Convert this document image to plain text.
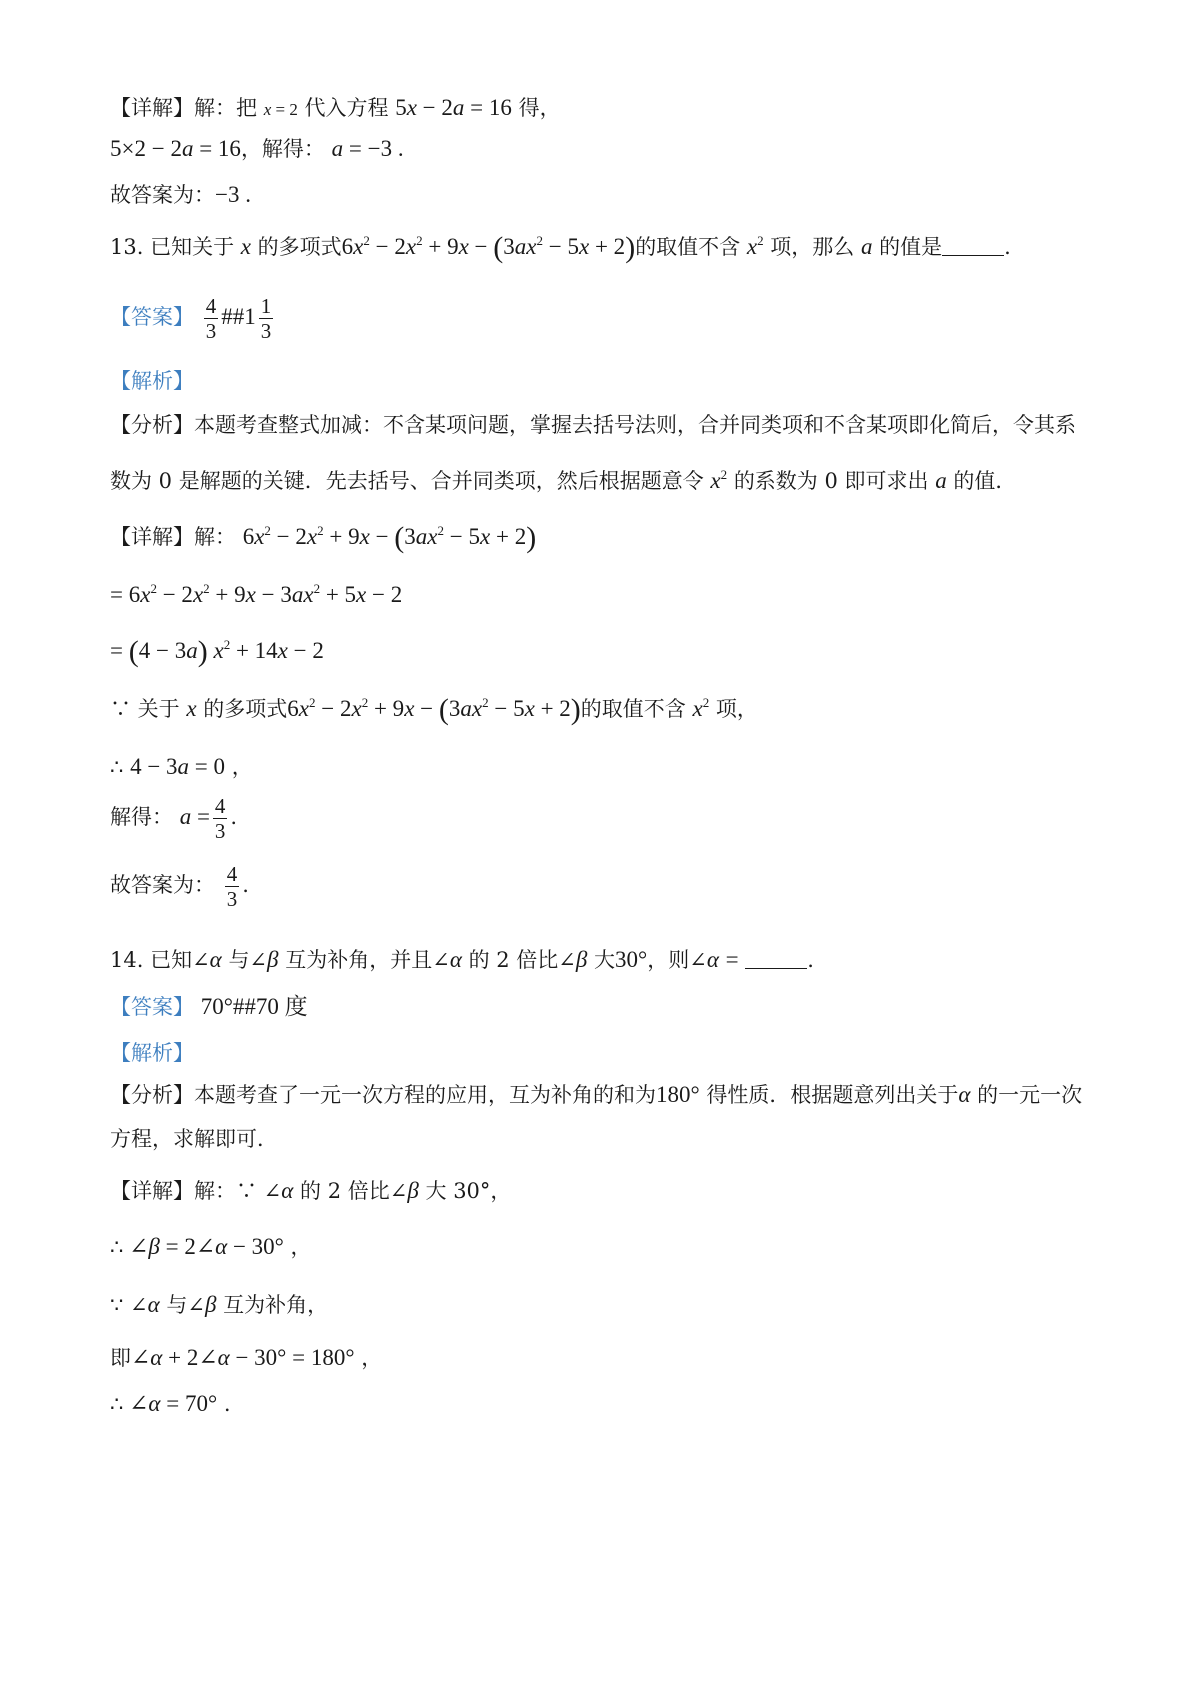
【详解】解：把 x = 2 代入方程 5x − 2a = 16 得，
5×2 − 2a = 16，解得： a = −3 .
故答案为：−3 .
13. 已知关于 x 的多项式$6x^2 - 2x^2 + 9x - (3ax^2 - 5x + 2)$的取值不含 $x^2$ 项，那么 a 的值是	.
【答案】 $\frac{4}{3}$ ##1 $\frac{1}{3}$
【解析】
【分析】本题考查整式加减：不含某项问题，掌握去括号法则，合并同类项和不含某项即化简后，令其系
数为 0 是解题的关键．先去括号、合并同类项，然后根据题意令 $x^2$ 的系数为 0 即可求出 a 的值．
【详解】解： $6x^2 - 2x^2 + 9x - (3ax^2 - 5x + 2)$
= $6x^2 - 2x^2 + 9x - 3ax^2 + 5x - 2$
= (4 − 3a) $x^2 + 14x - 2$
∵ 关于 x 的多项式$6x^2 - 2x^2 + 9x - (3ax^2 - 5x + 2)$的取值不含 $x^2$ 项，
∴ 4 − 3a = 0 ，
解得： $a = \frac{4}{3}$ .
故答案为： $\frac{4}{3}$ .
14. 已知∠α 与∠β 互为补角，并且∠α 的 2 倍比∠β 大30°，则∠α =	.
【答案】 70°##70 度
【解析】
【分析】本题考查了一元一次方程的应用，互为补角的和为180° 得性质．根据题意列出关于α 的一元一次
方程，求解即可．
【详解】解：∵ ∠α 的 2 倍比∠β 大 30°，
∴ ∠β = 2∠α − 30° ，
∵ ∠α 与∠β 互为补角，
即∠α + 2∠α − 30° = 180° ，
∴ ∠α = 70° .
